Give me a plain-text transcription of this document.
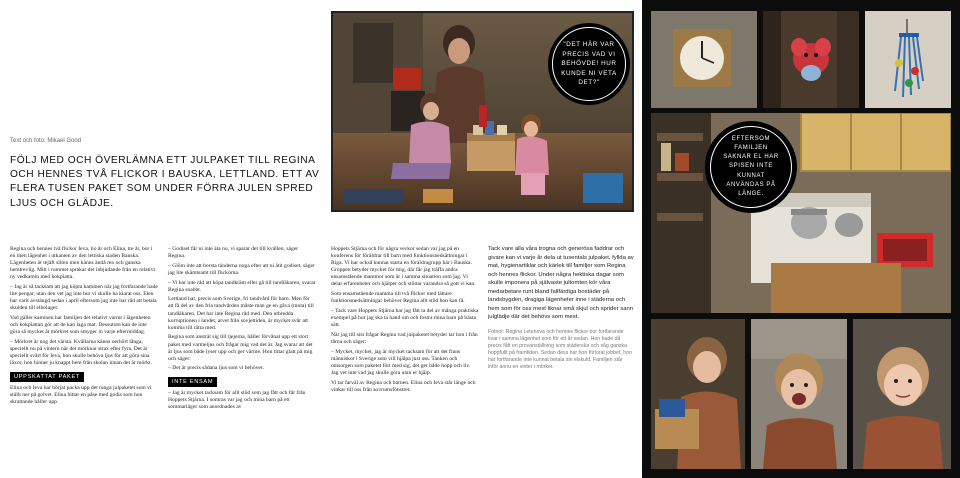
Text och foto: Mikael Good
FÖLJ MED OCH ÖVERLÄMNA ETT JULPAKET TILL REGINA OCH HENNES TVÅ FLICKOR I BAUSKA, LETTLAND. ETT AV FLERA TUSEN PAKET SOM UNDER FÖRRA JULEN SPRED LJUS OCH GLÄDJE.
"DET HÄR VAR PRECIS VAD VI BEHÖVDE! HUR KUNDE NI VETA DET?"

Regina och hennes två flickor Ieva, tio år och Elina, tre år, bor i en liten lägenhet i utkanten av den lettiska staden Bauska. Lägenheten är tejäft sliten men känns ändå ren och ganska hemtrevlig. Mitt i rummet sprakar det inbjudande från en relativt ny vedkamin med kokplatta.

– Jag är så tacksam att jag köpta kaminen när jag fortfarande hade lite pengar, utan den vet jag inte hur vi skulle ha klarat oss. Elen har varit avstängd sedan i april eftersom jag inte har råd att betala skulden till elbolaget.

Vad gäller kaminen har familjen det relativt varmt i lägenheten och kokplattan gör att de kan laga mat. Dessutom kan de inte göra så mycket åt mörkret som smyger in varje eftermiddag.

– Mörkret är nog det värsta. Kvällarna känns oerhört långa, speciellt nu på vintern när det mörknar strax efter fyra. Det är speciellt svårt för Ieva, hon skulle behöva ljus för att göra sina läxor, hon hinner ju knappt hem från skolan innan det är mörkt.

UPPSKATTAT PAKET

Elina och Ieva har börjat packa upp det tunga julpaketet som vi ställt ner på golvet. Elina hittar en påse med godis som hon skrattande håller upp.

– Godiset får ni inte äta nu, vi sparar det till kvällen, säger Regina.

– Glöm inte att borsta tänderna noga efter att ni ätit godiset, säger jag lite skämtsamt till flickorna.

– Vi har inte råd att köpa tandkräm eller gå till tandläkaren, svarar Regina snabbt.

Lettland har, precis som Sverige, fri tandvård för barn. Men för att få del av den fria tandvården måste man ge en gåva (muta) till tandläkaren. Det har inte Regina råd med. Den utbredda korruptionen i landet, arvet från sovjettiden, är mycket svår att komma till rätta med.

Regina som ansträt sig till tjejerna, håller förvånat upp ett stort paket med varmeljus och frågar mig vad det är. Jag svarar att det är ljus som både lyser upp och ger värme. Hon tittar glatt på mig och säger:

– Det är precis sådana ljus som vi behöver.

INTE ENSAM

– Jag är mycket tacksam för allt stöd som jag fått och får från Hoppets Stjärna. I somras var jag och mina barn på ett sommarläger som anordnades av

Hoppets Stjärna och för några veckor sedan var jag på en konferens för föräldrar till barn med funktionsnedsättningar i Riga. Vi har också kunnat starta en föräldragrupp här i Bauska. Gruppen betyder mycket för mig, där får jag träffa andra ensamstående mammor som är i samma situation som jag. Vi delar erfarenheter och hjälper och stöttar varandra så gott vi kan.

Som ensamstående mamma till två flickor med lättare funktionsnedsättningar behöver Regina allt stöd hon kan få.

– Tack vare Hoppets Stjärna har jag fått ta del av många praktiska exempel på hur jag ska ta hand om och fostra mina barn på bästa sätt.

När jag till sist frågar Regina vad julpaketet betyder tar hon i från tårna och säger:

– Mycket, mycket, jag är mycket tacksam för att det finns människor i Sverige som vill hjälpa just oss. Tanken och omsorgen som paketet fört med sig, det ger både hopp och liv. Jag vet inte vad jag skulle göra utan er hjälp.

Vi tar farväl av Regina och barnen. Elina och Ieva står länge och vinkar till oss från sovrumsfönstret.

Tack vare alla våra trogna och generösa faddrar och givare kan vi varje år dela ut tusentals julpaket, fyllda av mat, hygienartiklar och kärlek till familjer som Regina och hennes flickor. Under några hektiska dagar som skulle imponera på självaste jultomten kör våra medarbetare runt bland fallfärdiga bostäder på landsbygden, dragiga lägenheter inne i städerna och hem som för oss mest liknar små skjul och sprider sann julglädje där det behövs som mest.

Fotnot: Regina Letunova och hennes flickor bor fortfarande kvar i samma lägenhet som för ett år sedan. Hon hade då precis fått en provanställning som städerska och såg ganska hoppfullt på framtiden. Sedan dess har hon förlorat jobbet, hon har fortfarande inte kunnat betala sin elskuld. Familjen står inför ännu en vinter i mörker.

EFTERSOM FAMILJEN SAKNAR EL HAR SPISEN INTE KUNNAT ANVÄNDAS PÅ LÄNGE.
